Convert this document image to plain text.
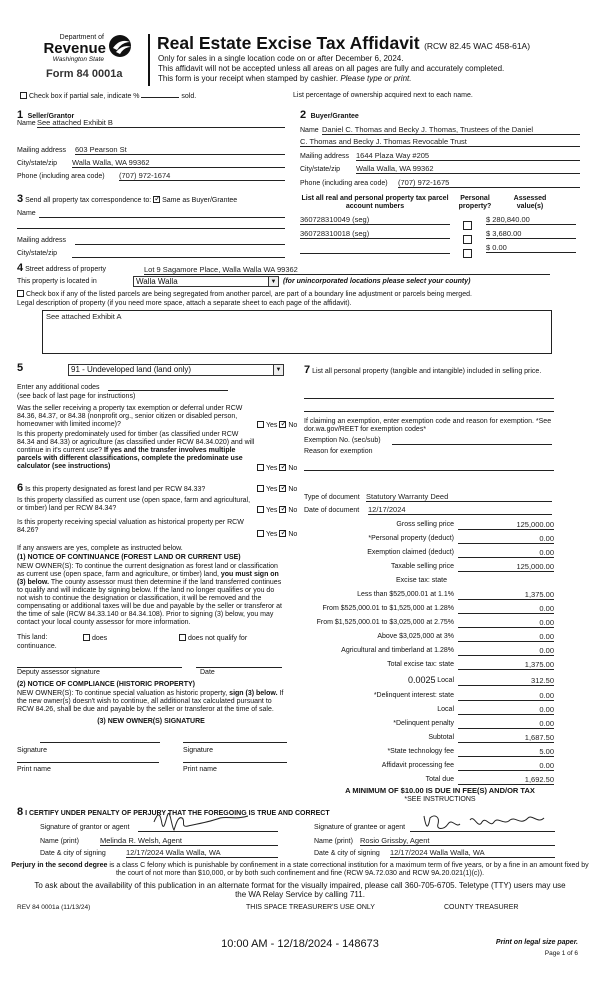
Department of
Revenue
Washington State
Form 84 0001a
Real Estate Excise Tax Affidavit (RCW 82.45 WAC 458-61A)
Only for sales in a single location code on or after December 6, 2024.
This affidavit will not be accepted unless all areas on all pages are fully and accurately completed.
This form is your receipt when stamped by cashier. Please type or print.
Check box if partial sale, indicate %	sold.	List percentage of ownership acquired next to each name.
1 Seller/Grantor
Name See attached Exhibit B
Mailing address 603 Pearson St
City/state/zip Walla Walla, WA 99362
Phone (including area code) (707) 972-1674
2 Buyer/Grantee
Name Daniel C. Thomas and Becky J. Thomas, Trustees of the Daniel
C. Thomas and Becky J. Thomas Revocable Trust
Mailing address 1644 Plaza Way #205
City/state/zip Walla Walla, WA 99362
Phone (including area code) (707) 972-1675
3 Send all property tax correspondence to: ✓ Same as Buyer/Grantee
Name
Mailing address
City/state/zip
List all real and personal property tax parcel account numbers
Personal property?
Assessed value(s)
360728310049 (seg)	$ 280,840.00
360728310018 (seg)	$ 3,680.00
$ 0.00
4 Street address of property	Lot 9 Sagamore Place, Walla Walla WA 99362
This property is located in	Walla Walla	▼ (for unincorporated locations please select your county)
Check box if any of the listed parcels are being segregated from another parcel, are part of a boundary line adjustment or parcels being merged.
Legal description of property (if you need more space, attach a separate sheet to each page of the affidavit).
See attached Exhibit A
5	91 - Undeveloped land (land only)	▼
Enter any additional codes
(see back of last page for instructions)
Was the seller receiving a property tax exemption or deferral under RCW 84.36, 84.37, or 84.38 (nonprofit org., senior citizen or disabled person, homeowner with limited income)?	Yes ✓ No
Is this property predominately used for timber (as classified under RCW 84.34 and 84.33) or agriculture (as classified under RCW 84.34.020) and will continue in it's current use? If yes and the transfer involves multiple parcels with different classifications, complete the predominate use calculator (see instructions)	Yes ✓ No
6 Is this property designated as forest land per RCW 84.33?	Yes ✓ No
Is this property classified as current use (open space, farm and agricultural, or timber) land per RCW 84.34?	Yes ✓ No
Is this property receiving special valuation as historical property per RCW 84.26?
Yes ✓ No
If any answers are yes, complete as instructed below.
(1) NOTICE OF CONTINUANCE (FOREST LAND OR CURRENT USE)
NEW OWNER(S): To continue the current designation as forest land or classification as current use (open space, farm and agriculture, or timber) land, you must sign on (3) below. The county assessor must then determine if the land transferred continues to qualify and will indicate by signing below. If the land no longer qualifies or you do not wish to continue the designation or classification, it will be removed and the compensating or additional taxes will be due and payable by the seller or transferor at the time of sale (RCW 84.33.140 or 84.34.108). Prior to signing (3) below, you may contact your local county assessor for more information.
This land:	does	does not qualify for continuance.
Deputy assessor signature	Date
(2) NOTICE OF COMPLIANCE (HISTORIC PROPERTY)
NEW OWNER(S): To continue special valuation as historic property, sign (3) below. If the new owner(s) doesn't wish to continue, all additional tax calculated pursuant to RCW 84.26, shall be due and payable by the seller or transferor at the time of sale.
(3) NEW OWNER(S) SIGNATURE
Signature	Signature
Print name	Print name
7 List all personal property (tangible and intangible) included in selling price.
If claiming an exemption, enter exemption code and reason for exemption. *See dor.wa.gov/REET for exemption codes*
Exemption No. (sec/sub)
Reason for exemption
Type of document Statutory Warranty Deed
Date of document 12/17/2024
Gross selling price	125,000.00
*Personal property (deduct)	0.00
Exemption claimed (deduct)	0.00
Taxable selling price	125,000.00
Excise tax: state
Less than $525,000.01 at 1.1%	1,375.00
From $525,000.01 to $1,525,000 at 1.28%	0.00
From $1,525,000.01 to $3,025,000 at 2.75%	0.00
Above $3,025,000 at 3%	0.00
Agricultural and timberland at 1.28%	0.00
Total excise tax: state	1,375.00
0.0025 Local	312.50
*Delinquent interest: state	0.00
Local	0.00
*Delinquent penalty	0.00
Subtotal	1,687.50
*State technology fee	5.00
Affidavit processing fee	0.00
Total due	1,692.50
A MINIMUM OF $10.00 IS DUE IN FEE(S) AND/OR TAX
*SEE INSTRUCTIONS
8 I CERTIFY UNDER PENALTY OF PERJURY THAT THE FOREGOING IS TRUE AND CORRECT
Signature of grantor or agent
Name (print)	Melinda R. Welsh, Agent
Date & city of signing	12/17/2024 Walla Walla, WA
Signature of grantee or agent
Name (print) Rosio Grissby, Agent
Date & city of signing 12/17/2024 Walla Walla, WA
Perjury in the second degree is a class C felony which is punishable by confinement in a state correctional institution for a maximum term of five years, or by a fine in an amount fixed by the court of not more than $10,000, or by both such confinement and fine (RCW 9A.72.030 and RCW 9A.20.021(1)(c)).
To ask about the availability of this publication in an alternate format for the visually impaired, please call 360-705-6705. Teletype (TTY) users may use the WA Relay Service by calling 711.
REV 84 0001a (11/13/24)	THIS SPACE TREASURER'S USE ONLY	COUNTY TREASURER
10:00 AM - 12/18/2024 - 148673	Print on legal size paper.
Page 1 of 6
